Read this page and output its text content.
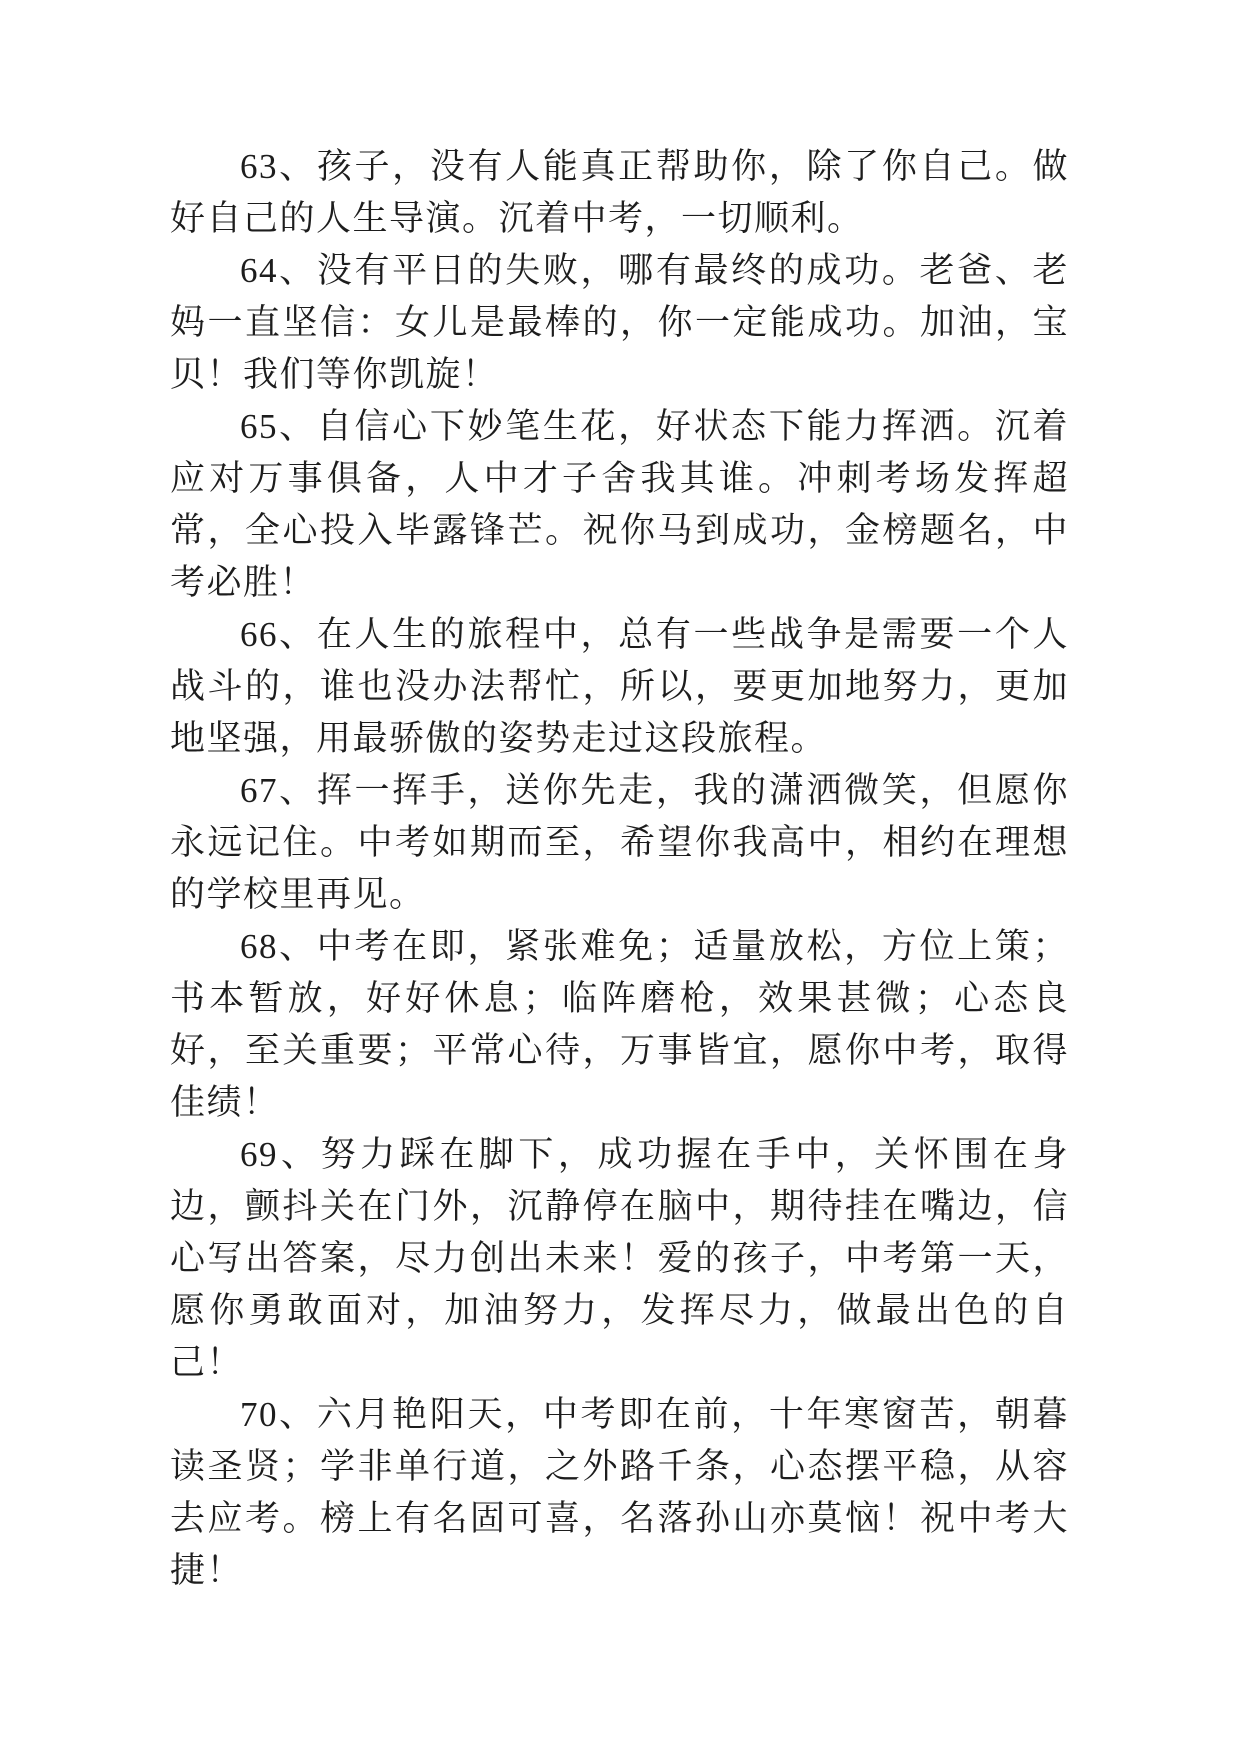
63、孩子，没有人能真正帮助你，除了你自己。做好自己的人生导演。沉着中考，一切顺利。

64、没有平日的失败，哪有最终的成功。老爸、老妈一直坚信：女儿是最棒的，你一定能成功。加油，宝贝！我们等你凯旋！

65、自信心下妙笔生花，好状态下能力挥洒。沉着应对万事俱备，人中才子舍我其谁。冲刺考场发挥超常，全心投入毕露锋芒。祝你马到成功，金榜题名，中考必胜！

66、在人生的旅程中，总有一些战争是需要一个人战斗的，谁也没办法帮忙，所以，要更加地努力，更加地坚强，用最骄傲的姿势走过这段旅程。

67、挥一挥手，送你先走，我的潇洒微笑，但愿你永远记住。中考如期而至，希望你我高中，相约在理想的学校里再见。

68、中考在即，紧张难免；适量放松，方位上策；书本暂放，好好休息；临阵磨枪，效果甚微；心态良好，至关重要；平常心待，万事皆宜，愿你中考，取得佳绩！

69、努力踩在脚下，成功握在手中，关怀围在身边，颤抖关在门外，沉静停在脑中，期待挂在嘴边，信心写出答案，尽力创出未来！爱的孩子，中考第一天，愿你勇敢面对，加油努力，发挥尽力，做最出色的自己！

70、六月艳阳天，中考即在前，十年寒窗苦，朝暮读圣贤；学非单行道，之外路千条，心态摆平稳，从容去应考。榜上有名固可喜，名落孙山亦莫恼！祝中考大捷！
